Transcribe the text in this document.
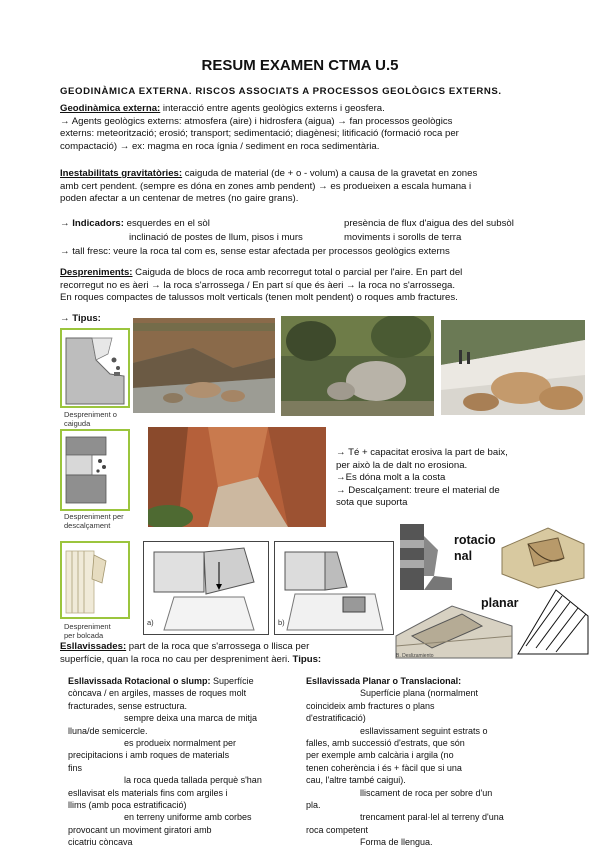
RESUM EXAMEN CTMA U.5
GEODINÀMICA EXTERNA. RISCOS ASSOCIATS A PROCESSOS GEOLÒGICS EXTERNS.
Geodinàmica externa: interacció entre agents geològics externs i geosfera.
→ Agents geològics externs: atmosfera (aire) i hidrosfera (aigua) → fan processos geològics
externs: meteorització; erosió; transport; sedimentació; diagènesi; litificació (formació roca per
compactació) → ex: magma en roca ígnia / sediment en roca sedimentària.
Inestabilitats gravitatòries: caiguda de material (de + o - volum) a causa de la gravetat en zones
amb cert pendent. (sempre es dóna en zones amb pendent) → es produeixen a escala humana i
poden afectar a un centenar de metres (no gaire grans).
→ Indicadors: esquerdes en el sòl	presència de flux d'aigua des del subsòl
inclinació de postes de llum, pisos i murs	moviments i sorolls de terra
→ tall fresc: veure la roca tal com es, sense estar afectada per processos geològics externs
Despreniments: Caiguda de blocs de roca amb recorregut total o parcial per l'aire. En part del
recorregut no es àeri → la roca s'arrossega / En part sí que és àeri → la roca no s'arrossega.
En roques compactes de talussos molt verticals (tenen molt pendent) o roques amb fractures.
→ Tipus:
Despreniment o
caiguda
Despreniment per
descalçament
→ Té + capacitat erosiva la part de baix,
per això la de dalt no erosiona.
→Es dóna molt a la costa
→ Descalçament: treure el material de
sota que suporta
Despreniment
per bolcada
a)	b)
rotacio
nal
planar
B. Deslizamiento
Esllavissades: part de la roca que s'arrossega o llisca per
superfície, quan la roca no cau per despreniment àeri. Tipus:
Esllavissada Rotacional o slump: Superfície
còncava / en argiles, masses de roques molt
fracturades, sense estructura.
sempre deixa una marca de mitja
lluna/de semicercle.
es produeix normalment per
precipitacions i amb roques de materials
fins
la roca queda tallada perquè s'han
esllavisat els materials fins com argiles i
llims (amb poca estratificació)
en terreny uniforme amb corbes
provocant un moviment giratori amb
cicatriu còncava
Esllavissada Planar o Translacional:
Superfície plana (normalment
coincideix amb fractures o plans
d'estratificació)
esllavissament seguint estrats o
falles, amb successió d'estrats, que són
per exemple amb calcària i argila (no
tenen coherència i és + fàcil que si una
cau, l'altre també caigui).
lliscament de roca per sobre d'un
pla.
trencament paral·lel al terreny d'una
roca competent
Forma de llengua.
